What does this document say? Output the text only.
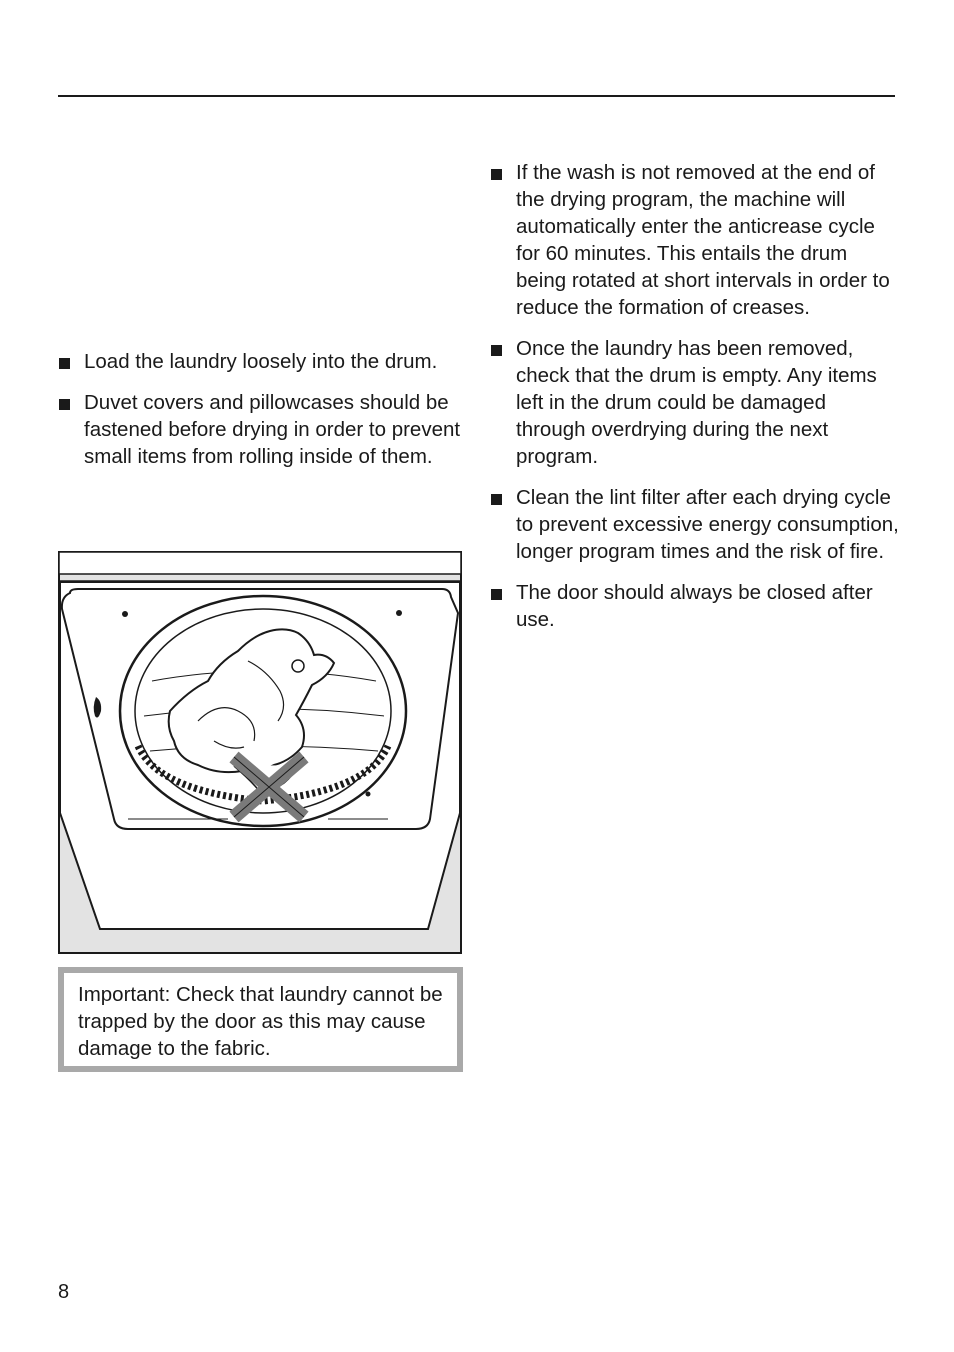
Load the laundry loosely into the drum.
Duvet covers and pillowcases should be fastened before drying in order to prevent small items from rolling inside of them.

Important: Check that laundry cannot be trapped by the door as this may cause damage to the fabric.

If the wash is not removed at the end of the drying program, the machine will automatically enter the anticrease cycle for 60 minutes. This entails the drum being rotated at short intervals in order to reduce the formation of creases.
Once the laundry has been removed, check that the drum is empty. Any items left in the drum could be damaged through overdrying during the next program.
Clean the lint filter after each drying cycle to prevent excessive energy consumption, longer program times and the risk of fire.
The door should always be closed after use.
8
